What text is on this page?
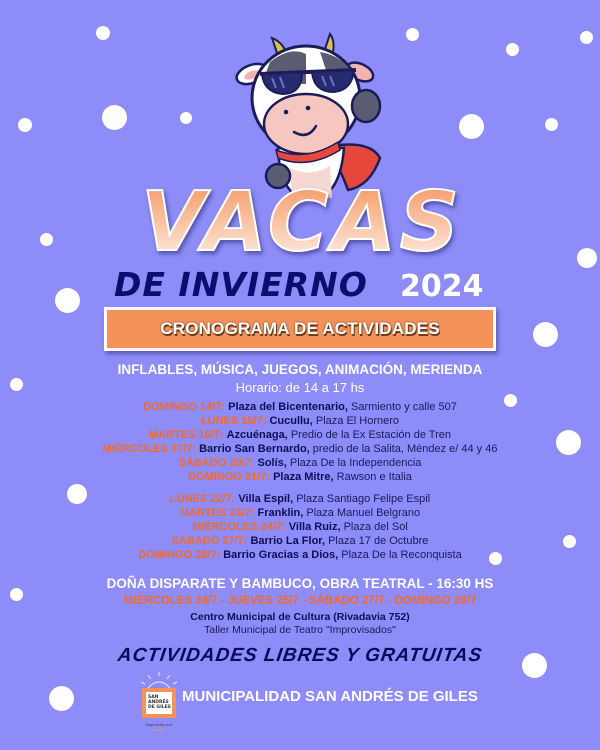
VACAS
DE INVIERNO 2024
CRONOGRAMA DE ACTIVIDADES
INFLABLES, MÚSICA, JUEGOS, ANIMACIÓN, MERIENDA
Horario: de 14 a 17 hs
DOMINGO 14/7: Plaza del Bicentenario, Sarmiento y calle 507
LUNES 15/7: Cucullu, Plaza El Hornero
MARTES 16/7: Azcuénaga, Predio de la Ex Estación de Tren
MIÉRCOLES 17/7: Barrio San Bernardo, predio de la Salita, Méndez e/ 44 y 46
SÁBADO 20/7: Solís, Plaza De la Independencia
DOMINGO 21/7: Plaza Mitre, Rawson e Italia
LUNES 22/7: Villa Espil, Plaza Santiago Felipe Espil
MARTES 23/7: Franklin, Plaza Manuel Belgrano
MIÉRCOLES 24/7: Villa Ruiz, Plaza del Sol
SÁBADO 27/7: Barrio La Flor, Plaza 17 de Octubre
DOMINGO 28/7: Barrio Gracias a Dios, Plaza De la Reconquista
DOÑA DISPARATE Y BAMBUCO, OBRA TEATRAL - 16:30 HS
MIÉRCOLES 24/7 - JUEVES 25/7 - SÁBADO 27/7 - DOMINGO 28/7
Centro Municipal de Cultura (Rivadavia 752)
Taller Municipal de Teatro "Improvisados"
ACTIVIDADES LIBRES Y GRATUITAS
SAN
ANDRÉS
DE GILES
llegá antes acá
MUNICIPALIDAD SAN ANDRÉS DE GILES
